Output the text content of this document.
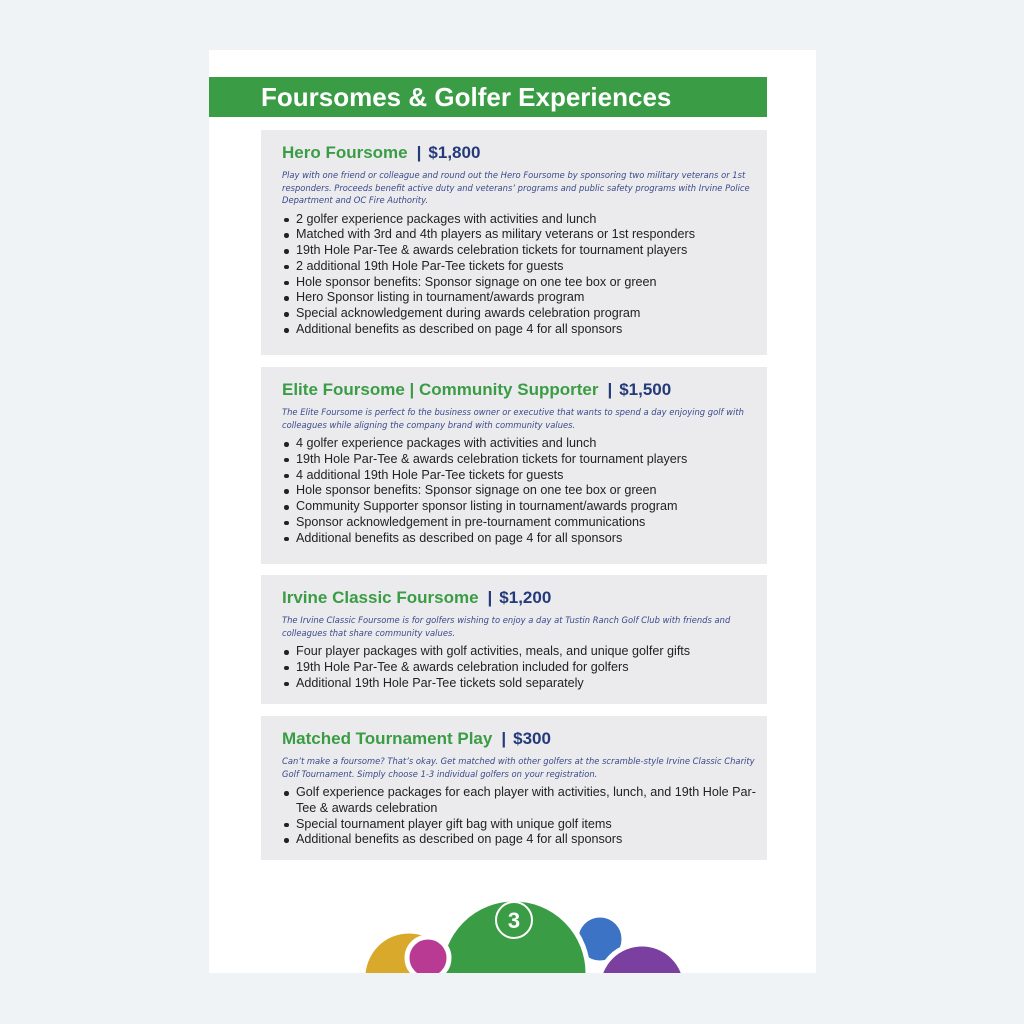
Foursomes & Golfer Experiences

Hero Foursome | $1,800

Play with one friend or colleague and round out the Hero Foursome by sponsoring two military veterans or 1st responders. Proceeds benefit active duty and veterans’ programs and public safety programs with Irvine Police Department and OC Fire Authority.

2 golfer experience packages with activities and lunch
Matched with 3rd and 4th players as military veterans or 1st responders
19th Hole Par-Tee & awards celebration tickets for tournament players
2 additional 19th Hole Par-Tee tickets for guests
Hole sponsor benefits: Sponsor signage on one tee box or green
Hero Sponsor listing in tournament/awards program
Special acknowledgement during awards celebration program
Additional benefits as described on page 4 for all sponsors

Elite Foursome | Community Supporter | $1,500

The Elite Foursome is perfect fo the business owner or executive that wants to spend a day enjoying golf with colleagues while aligning the company brand with community values.

4 golfer experience packages with activities and lunch
19th Hole Par-Tee & awards celebration tickets for tournament players
4 additional 19th Hole Par-Tee tickets for guests
Hole sponsor benefits: Sponsor signage on one tee box or green
Community Supporter sponsor listing in tournament/awards program
Sponsor acknowledgement in pre-tournament communications
Additional benefits as described on page 4 for all sponsors

Irvine Classic Foursome | $1,200

The Irvine Classic Foursome is for golfers wishing to enjoy a day at Tustin Ranch Golf Club with friends and colleagues that share community values.

Four player packages with golf activities, meals, and unique golfer gifts
19th Hole Par-Tee & awards celebration included for golfers
Additional 19th Hole Par-Tee tickets sold separately

Matched Tournament Play | $300

Can’t make a foursome? That’s okay. Get matched with other golfers at the scramble-style Irvine Classic Charity Golf Tournament. Simply choose 1-3 individual golfers on your registration.

Golf experience packages for each player with activities, lunch, and 19th Hole Par-Tee & awards celebration
Special tournament player gift bag with unique golf items
Additional benefits as described on page 4 for all sponsors
3
